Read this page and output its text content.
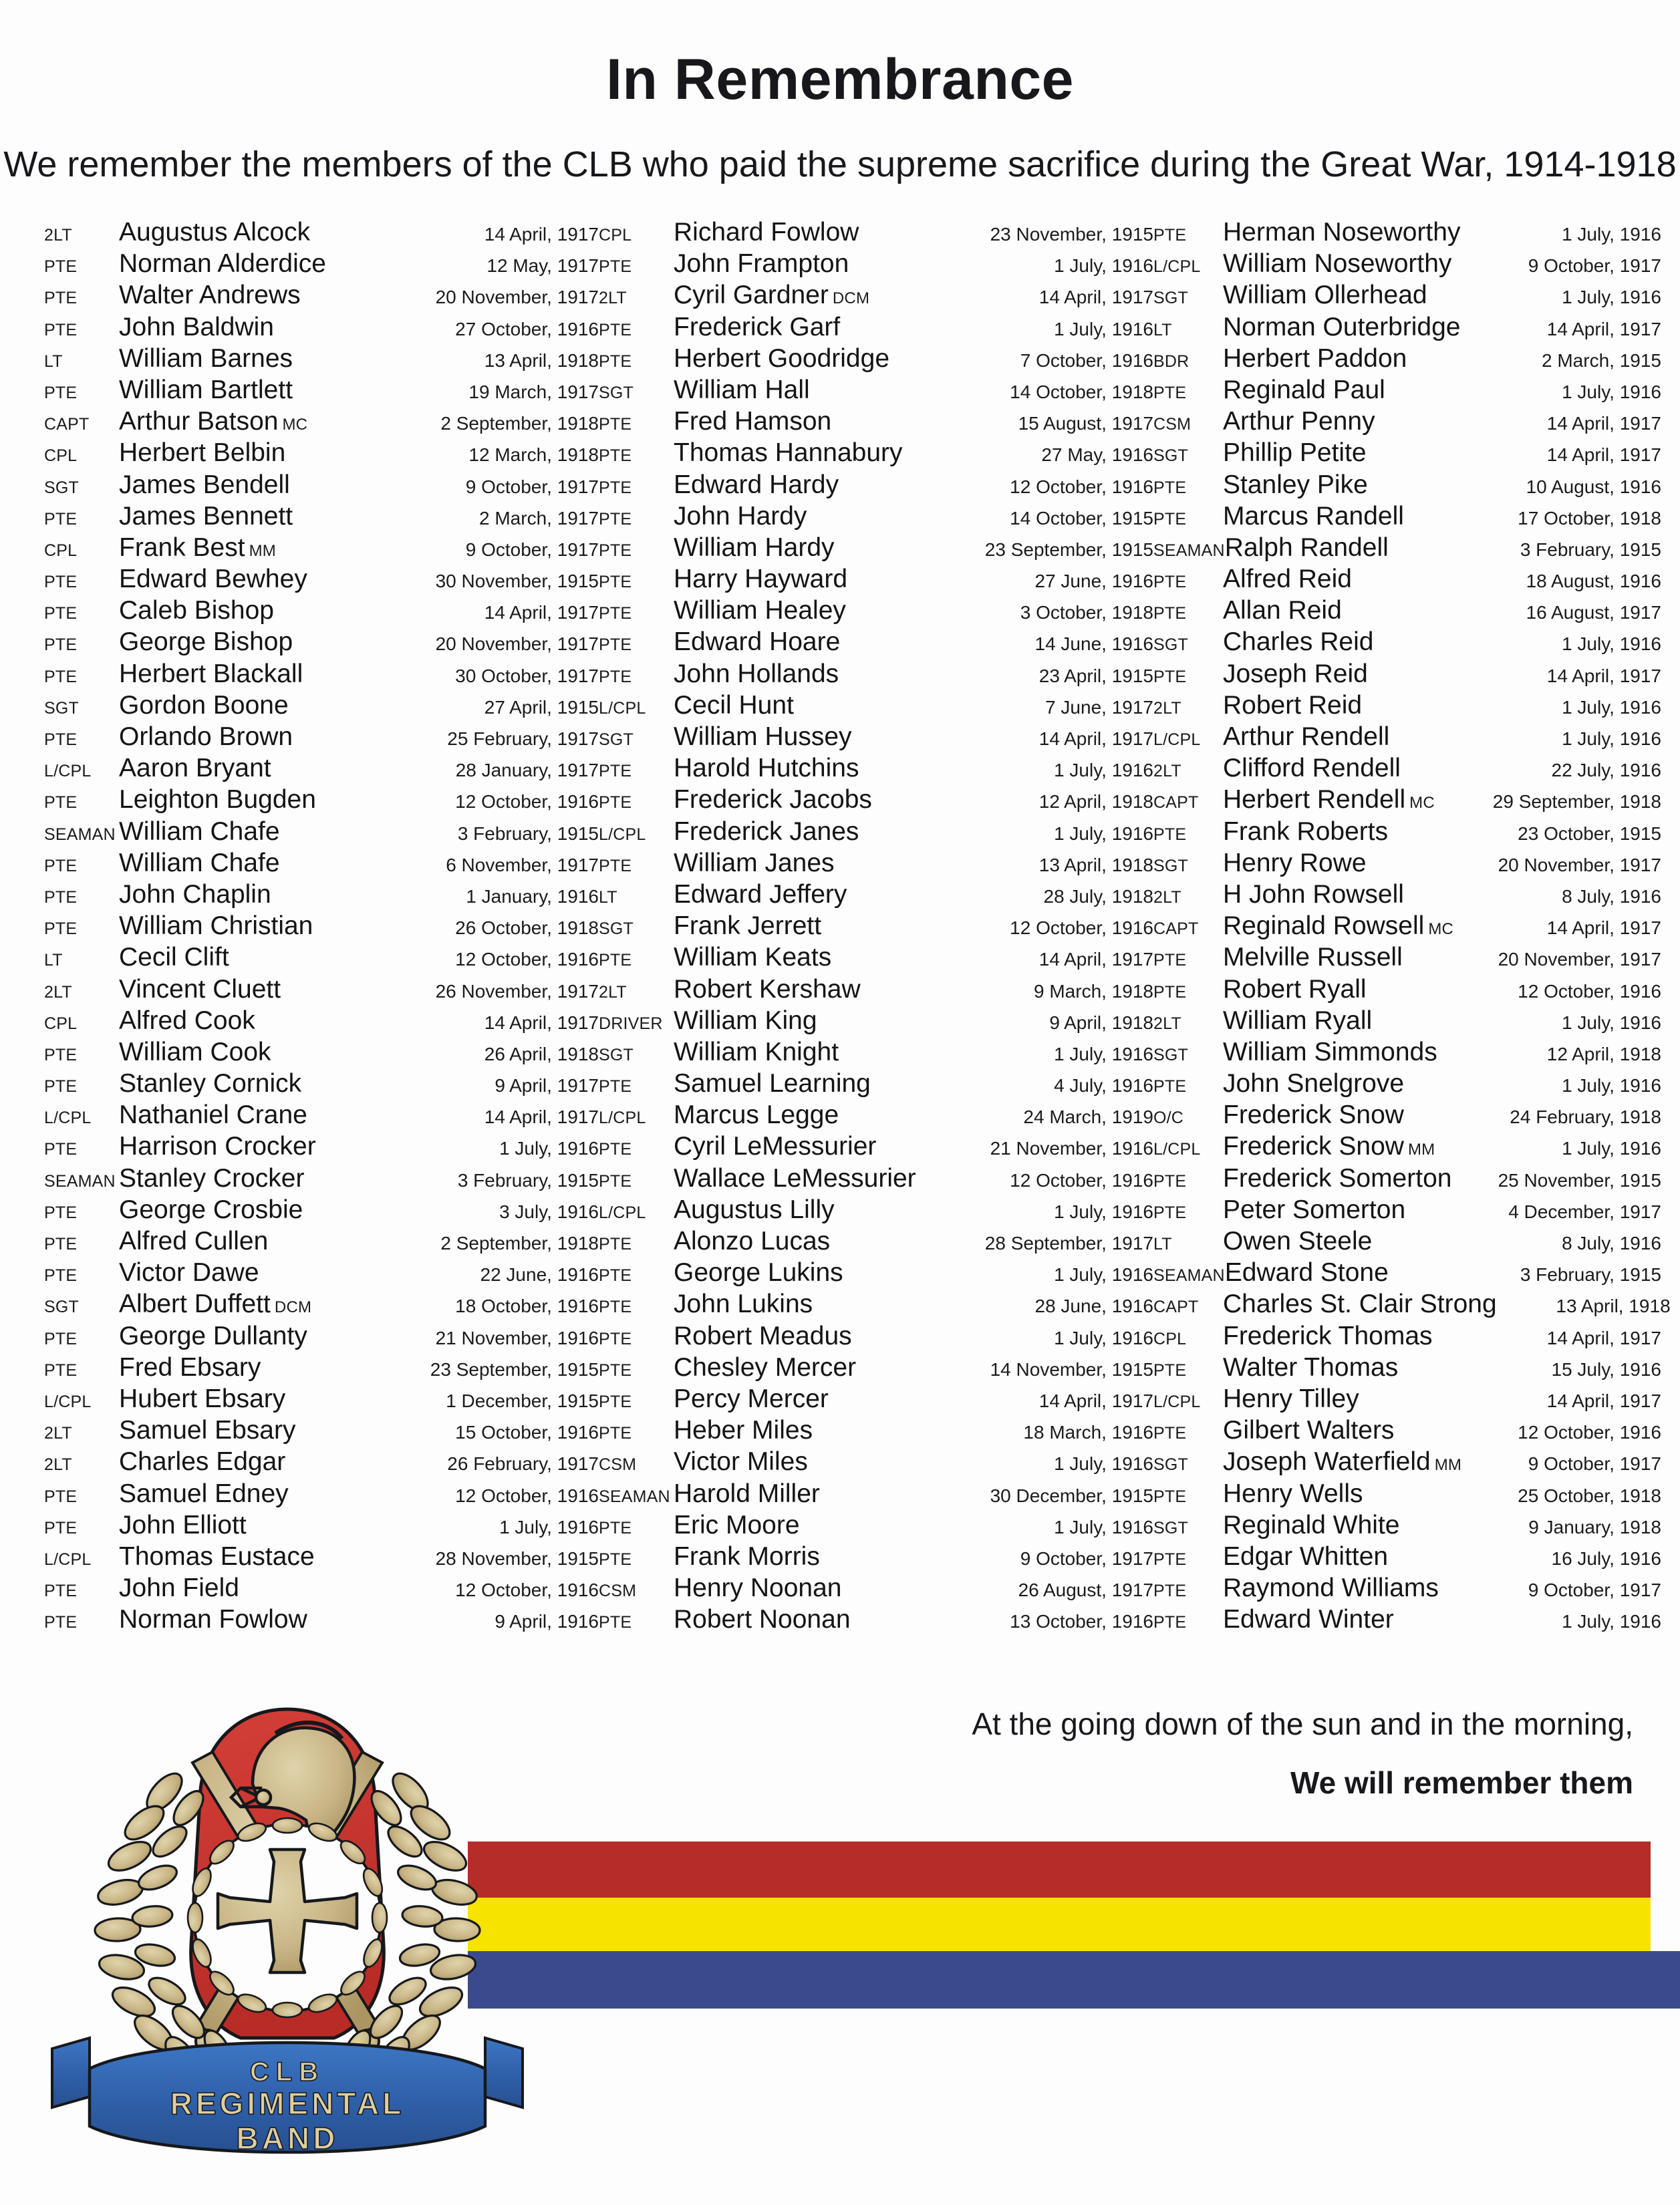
In Remembrance
We remember the members of the CLB who paid the supreme sacrifice during the Great War, 1914-1918
2LT	Augustus Alcock	14 April, 1917
PTE	Norman Alderdice	12 May, 1917
PTE	Walter Andrews	20 November, 1917
PTE	John Baldwin	27 October, 1916
LT	William Barnes	13 April, 1918
PTE	William Bartlett	19 March, 1917
CAPT	Arthur Batson MC	2 September, 1918
CPL	Herbert Belbin	12 March, 1918
SGT	James Bendell	9 October, 1917
PTE	James Bennett	2 March, 1917
CPL	Frank Best MM	9 October, 1917
PTE	Edward Bewhey	30 November, 1915
PTE	Caleb Bishop	14 April, 1917
PTE	George Bishop	20 November, 1917
PTE	Herbert Blackall	30 October, 1917
SGT	Gordon Boone	27 April, 1915
PTE	Orlando Brown	25 February, 1917
L/CPL	Aaron Bryant	28 January, 1917
PTE	Leighton Bugden	12 October, 1916
SEAMAN William Chafe	3 February, 1915
PTE	William Chafe	6 November, 1917
PTE	John Chaplin	1 January, 1916
PTE	William Christian	26 October, 1918
LT	Cecil Clift	12 October, 1916
2LT	Vincent Cluett	26 November, 1917
CPL	Alfred Cook	14 April, 1917
PTE	William Cook	26 April, 1918
PTE	Stanley Cornick	9 April, 1917
L/CPL	Nathaniel Crane	14 April, 1917
PTE	Harrison Crocker	1 July, 1916
SEAMAN Stanley Crocker	3 February, 1915
PTE	George Crosbie	3 July, 1916
PTE	Alfred Cullen	2 September, 1918
PTE	Victor Dawe	22 June, 1916
SGT	Albert Duffett DCM	18 October, 1916
PTE	George Dullanty	21 November, 1916
PTE	Fred Ebsary	23 September, 1915
L/CPL	Hubert Ebsary	1 December, 1915
2LT	Samuel Ebsary	15 October, 1916
2LT	Charles Edgar	26 February, 1917
PTE	Samuel Edney	12 October, 1916
PTE	John Elliott	1 July, 1916
L/CPL	Thomas Eustace	28 November, 1915
PTE	John Field	12 October, 1916
PTE	Norman Fowlow	9 April, 1916
CPL	Richard Fowlow	23 November, 1915
PTE	John Frampton	1 July, 1916
2LT	Cyril Gardner DCM	14 April, 1917
PTE	Frederick Garf	1 July, 1916
PTE	Herbert Goodridge	7 October, 1916
SGT	William Hall	14 October, 1918
PTE	Fred Hamson	15 August, 1917
PTE	Thomas Hannabury	27 May, 1916
PTE	Edward Hardy	12 October, 1916
PTE	John Hardy	14 October, 1915
PTE	William Hardy	23 September, 1915
PTE	Harry Hayward	27 June, 1916
PTE	William Healey	3 October, 1918
PTE	Edward Hoare	14 June, 1916
PTE	John Hollands	23 April, 1915
L/CPL	Cecil Hunt	7 June, 1917
SGT	William Hussey	14 April, 1917
PTE	Harold Hutchins	1 July, 1916
PTE	Frederick Jacobs	12 April, 1918
L/CPL	Frederick Janes	1 July, 1916
PTE	William Janes	13 April, 1918
LT	Edward Jeffery	28 July, 1918
SGT	Frank Jerrett	12 October, 1916
PTE	William Keats	14 April, 1917
2LT	Robert Kershaw	9 March, 1918
DRIVER William King	9 April, 1918
SGT	William Knight	1 July, 1916
PTE	Samuel Learning	4 July, 1916
L/CPL	Marcus Legge	24 March, 1919
PTE	Cyril LeMessurier	21 November, 1916
PTE	Wallace LeMessurier	12 October, 1916
L/CPL	Augustus Lilly	1 July, 1916
PTE	Alonzo Lucas	28 September, 1917
PTE	George Lukins	1 July, 1916
PTE	John Lukins	28 June, 1916
PTE	Robert Meadus	1 July, 1916
PTE	Chesley Mercer	14 November, 1915
PTE	Percy Mercer	14 April, 1917
PTE	Heber Miles	18 March, 1916
CSM	Victor Miles	1 July, 1916
SEAMAN Harold Miller	30 December, 1915
PTE	Eric Moore	1 July, 1916
PTE	Frank Morris	9 October, 1917
CSM	Henry Noonan	26 August, 1917
PTE	Robert Noonan	13 October, 1916
PTE	Herman Noseworthy	1 July, 1916
L/CPL William Noseworthy	9 October, 1917
SGT	William Ollerhead	1 July, 1916
LT	Norman Outerbridge	14 April, 1917
BDR	Herbert Paddon	2 March, 1915
PTE	Reginald Paul	1 July, 1916
CSM	Arthur Penny	14 April, 1917
SGT	Phillip Petite	14 April, 1917
PTE	Stanley Pike	10 August, 1916
PTE	Marcus Randell	17 October, 1918
SEAMAN Ralph Randell	3 February, 1915
PTE	Alfred Reid	18 August, 1916
PTE	Allan Reid	16 August, 1917
SGT	Charles Reid	1 July, 1916
PTE	Joseph Reid	14 April, 1917
2LT	Robert Reid	1 July, 1916
L/CPL Arthur Rendell	1 July, 1916
2LT	Clifford Rendell	22 July, 1916
CAPT Herbert Rendell MC	29 September, 1918
PTE	Frank Roberts	23 October, 1915
SGT	Henry Rowe	20 November, 1917
2LT	H John Rowsell	8 July, 1916
CAPT Reginald Rowsell MC	14 April, 1917
PTE	Melville Russell	20 November, 1917
PTE	Robert Ryall	12 October, 1916
2LT	William Ryall	1 July, 1916
SGT	William Simmonds	12 April, 1918
PTE	John Snelgrove	1 July, 1916
O/C	Frederick Snow	24 February, 1918
L/CPL Frederick Snow MM	1 July, 1916
PTE	Frederick Somerton	25 November, 1915
PTE	Peter Somerton	4 December, 1917
LT	Owen Steele	8 July, 1916
SEAMAN Edward Stone	3 February, 1915
CAPT Charles St. Clair Strong	13 April, 1918
CPL	Frederick Thomas	14 April, 1917
PTE	Walter Thomas	15 July, 1916
L/CPL Henry Tilley	14 April, 1917
PTE	Gilbert Walters	12 October, 1916
SGT	Joseph Waterfield MM	9 October, 1917
PTE	Henry Wells	25 October, 1918
SGT	Reginald White	9 January, 1918
PTE	Edgar Whitten	16 July, 1916
PTE	Raymond Williams	9 October, 1917
PTE	Edward Winter	1 July, 1916
At the going down of the sun and in the morning,
We will remember them
CLB
REGIMENTAL
BAND
